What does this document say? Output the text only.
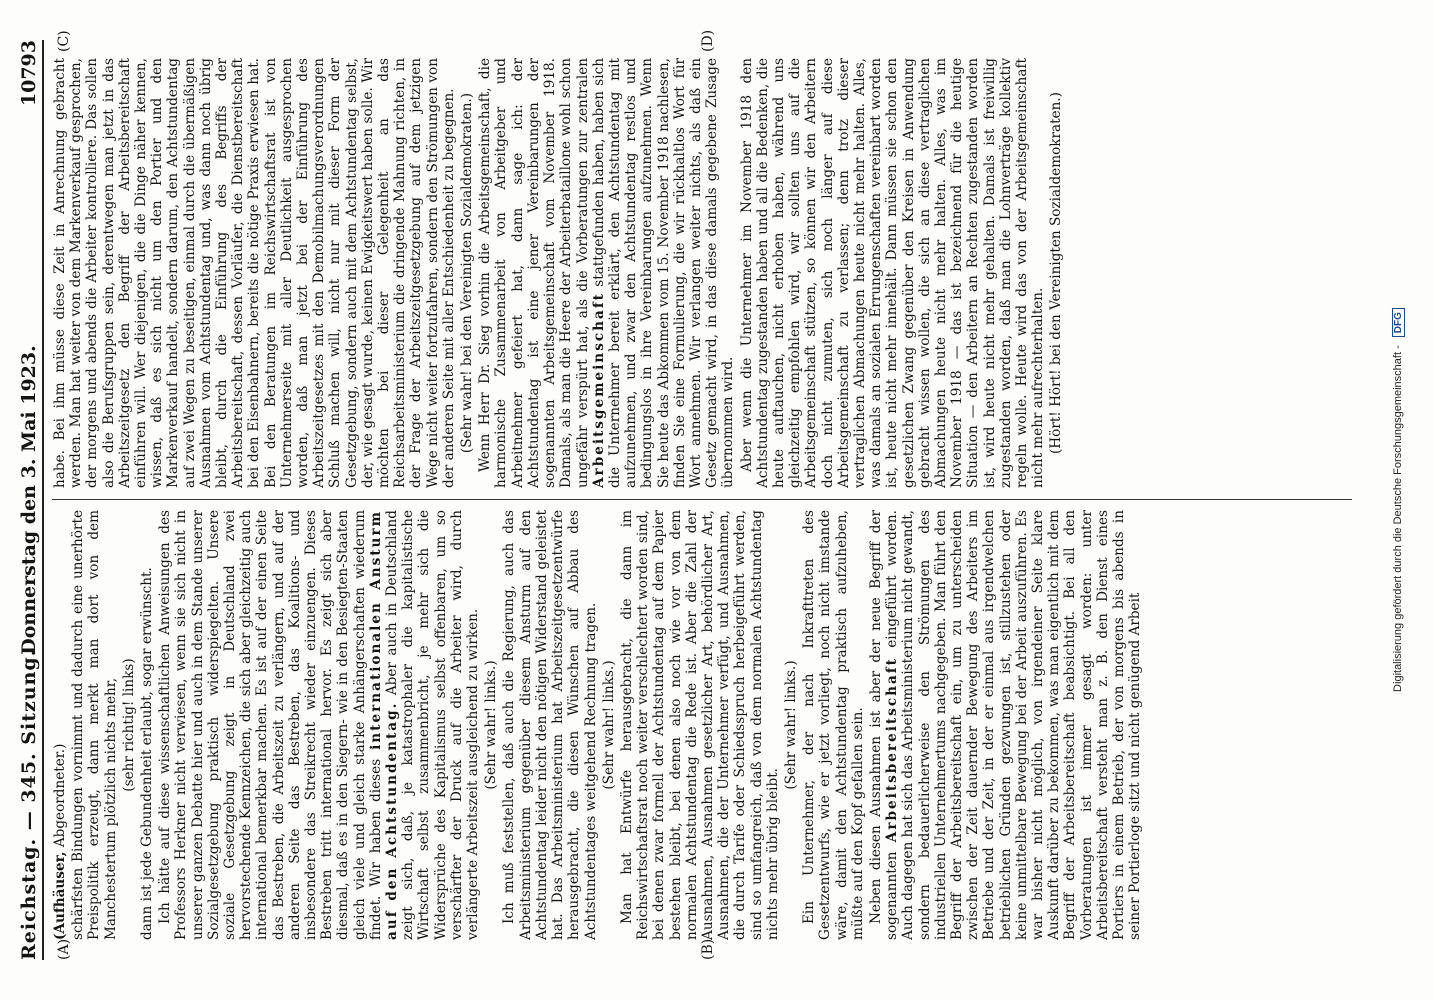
Reichstag. — 345. Sitzung.
Donnerstag den 3. Mai 1923.
10793
(A)	(B)
(C)	(D)

(Aufhäuser, Abgeordneter.) schärfsten Bindungen vornimmt und dadurch eine unerhörte Preispolitik erzeugt, dann merkt man dort von dem Manchestertum plötzlich nichts mehr, (sehr richtig! links) dann ist jede Gebundenheit erlaubt, sogar erwünscht. Ich hätte auf diese wissenschaftlichen Anweisungen des Professors Herkner nicht verwiesen, wenn sie sich nicht in unserer ganzen Debatte hier und auch in dem Stande unserer Sozialgesetzgebung praktisch widerspiegelten. Unsere soziale Gesetzgebung zeigt in Deutschland zwei hervorstechende Kennzeichen, die sich aber gleichzeitig auch international bemerkbar machen. Es ist auf der einen Seite das Bestreben, die Arbeitszeit zu verlängern, und auf der anderen Seite das Bestreben, das Koalitions- und insbesondere das Streikrecht wieder einzuengen. Dieses Bestreben tritt international hervor. Es zeigt sich aber diesmal, daß es in den Siegern- wie in den Besiegten-Staaten gleich viele und gleich starke Anhängerschaften wiederum findet. Wir haben dieses internationalen Ansturm auf den Achtstundentag. Aber auch in Deutschland zeigt sich, daß, je katastrophaler die kapitalistische Wirtschaft selbst zusammenbricht, je mehr sich die Widersprüche des Kapitalismus selbst offenbaren, um so verschärfter der Druck auf die Arbeiter wird, durch verlängerte Arbeitszeit ausgleichend zu wirken. (Sehr wahr! links.) Ich muß feststellen, daß auch die Regierung, auch das Arbeitsministerium gegenüber diesem Ansturm auf den Achtstundentag leider nicht den nötigen Widerstand geleistet hat. Das Arbeitsministerium hat Arbeitszeitgesetzentwürfe herausgebracht, die diesen Wünschen auf Abbau des Achtstundentages weitgehend Rechnung tragen. (Sehr wahr! links.) Man hat Entwürfe herausgebracht, die dann im Reichswirtschaftsrat noch weiter verschlechtert worden sind, bei denen zwar formell der Achtstundentag auf dem Papier bestehen bleibt, bei denen also noch wie vor von dem normalen Achtstundentag die Rede ist. Aber die Zahl der Ausnahmen, Ausnahmen gesetzlicher Art, behördlicher Art, Ausnahmen, die der Unternehmer verfügt, und Ausnahmen, die durch Tarife oder Schiedsspruch herbeigeführt werden, sind so umfangreich, daß von dem normalen Achtstundentag nichts mehr übrig bleibt.

(Sehr wahr! links.) Ein Unternehmer, der nach Inkrafttreten des Gesetzentwurfs, wie er jetzt vorliegt, noch nicht imstande wäre, damit den Achtstundentag praktisch aufzuheben, müßte auf den Kopf gefallen sein. Neben diesen Ausnahmen ist aber der neue Begriff der sogenannten Arbeitsbereitschaft eingeführt worden. Auch dagegen hat sich das Arbeitsministerium nicht gewandt, sondern bedauerlicherweise den Strömungen des industriellen Unternehmertums nachgegeben. Man führt den Begriff der Arbeitsbereitschaft ein, um zu unterscheiden zwischen der Zeit dauernder Bewegung des Arbeiters im Betriebe und der Zeit, in der er einmal aus irgendwelchen betrieblichen Gründen gezwungen ist, stillzustehen oder keine unmittelbare Bewegung bei der Arbeit auszuführen. Es war bisher nicht möglich, von irgendeiner Seite klare Auskunft darüber zu bekommen, was man eigentlich mit dem Begriff der Arbeitsbereitschaft beabsichtigt. Bei all den Vorberatungen ist immer gesagt worden: unter Arbeitsbereitschaft versteht man z. B. den Dienst eines Portiers in einem Betrieb, der von morgens bis abends in seiner Portierloge sitzt und nicht genügend Arbeit

habe. Bei ihm müsse diese Zeit in Anrechnung gebracht werden. Man hat weiter von dem Markenverkauf gesprochen, der morgens und abends die Arbeiter kontrolliere. Das sollen also die Berufsgruppen sein, derentwegen man jetzt in das Arbeitszeitgesetz den Begriff der Arbeitsbereitschaft einführen will. Wer diejenigen, die die Dinge näher kennen, wissen, daß es sich nicht um den Portier und den Markenverkauf handelt, sondern darum, den Achtstundentag auf zwei Wegen zu beseitigen, einmal durch die übermäßigen Ausnahmen vom Achtstundentag und, was dann noch übrig bleibt, durch die Einführung des Begriffs der Arbeitsbereitschaft, dessen Vorläufer, die Dienstbereitschaft bei den Eisenbahnern, bereits die nötige Praxis erwiesen hat. Bei den Beratungen im Reichswirtschaftsrat ist von Unternehmerseite mit aller Deutlichkeit ausgesprochen worden, daß man jetzt bei der Einführung des Arbeitszeitgesetzes mit den Demobilmachungsverordnungen Schluß machen will, nicht nur mit dieser Form der Gesetzgebung, sondern auch mit dem Achtstundentag selbst, der, wie gesagt wurde, keinen Ewigkeitswert haben solle. Wir möchten bei dieser Gelegenheit an das Reichsarbeitsministerium die dringende Mahnung richten, in der Frage der Arbeitszeitgesetzgebung auf dem jetzigen Wege nicht weiter fortzufahren, sondern den Strömungen von der anderen Seite mit aller Entschiedenheit zu begegnen. (Sehr wahr! bei den Vereinigten Sozialdemokraten.) Wenn Herr Dr. Sieg vorhin die Arbeitsgemeinschaft, die harmonische Zusammenarbeit von Arbeitgeber und Arbeitnehmer gefeiert hat, dann sage ich: der Achtstundentag ist eine jener Vereinbarungen der sogenannten Arbeitsgemeinschaft vom November 1918. Damals, als man die Heere der Arbeiterbataillone wohl schon ungefähr verspürt hat, als die Vorberatungen zur zentralen Arbeitsgemeinschaft stattgefunden haben, haben sich die Unternehmer bereit erklärt, den Achtstundentag mit aufzunehmen, und zwar den Achtstundentag restlos und bedingungslos in ihre Vereinbarungen aufzunehmen. Wenn Sie heute das Abkommen vom 15. November 1918 nachlesen, finden Sie eine Formulierung, die wir rückhaltlos Wort für Wort annehmen. Wir verlangen weiter nichts, als daß ein Gesetz gemacht wird, in das diese damals gegebene Zusage übernommen wird. Aber wenn die Unternehmer im November 1918 den Achtstundentag zugestanden haben und all die Bedenken, die heute auftauchen, nicht erhoben haben, während uns gleichzeitig empfohlen wird, wir sollten uns auf die Arbeitsgemeinschaft stützen, so können wir den Arbeitern doch nicht zumuten, sich noch länger auf diese Arbeitsgemeinschaft zu verlassen; denn trotz dieser vertraglichen Abmachungen heute nicht mehr halten. Alles, was damals an sozialen Errungenschaften vereinbart worden ist, heute nicht mehr innehält. Dann müssen sie schon den gesetzlichen Zwang gegenüber den Kreisen in Anwendung gebracht wissen wollen, die sich an diese vertraglichen Abmachungen heute nicht mehr halten. Alles, was im November 1918 — das ist bezeichnend für die heutige Situation — den Arbeitern an Rechten zugestanden worden ist, wird heute nicht mehr gehalten. Damals ist freiwillig zugestanden worden, daß man die Lohnverträge kollektiv regeln wolle. Heute wird das von der Arbeitsgemeinschaft nicht mehr aufrechterhalten. (Hört! Hört! bei den Vereinigten Sozialdemokraten.)

Digitalisierung gefördert durch die Deutsche Forschungsgemeinschaft - DFG
